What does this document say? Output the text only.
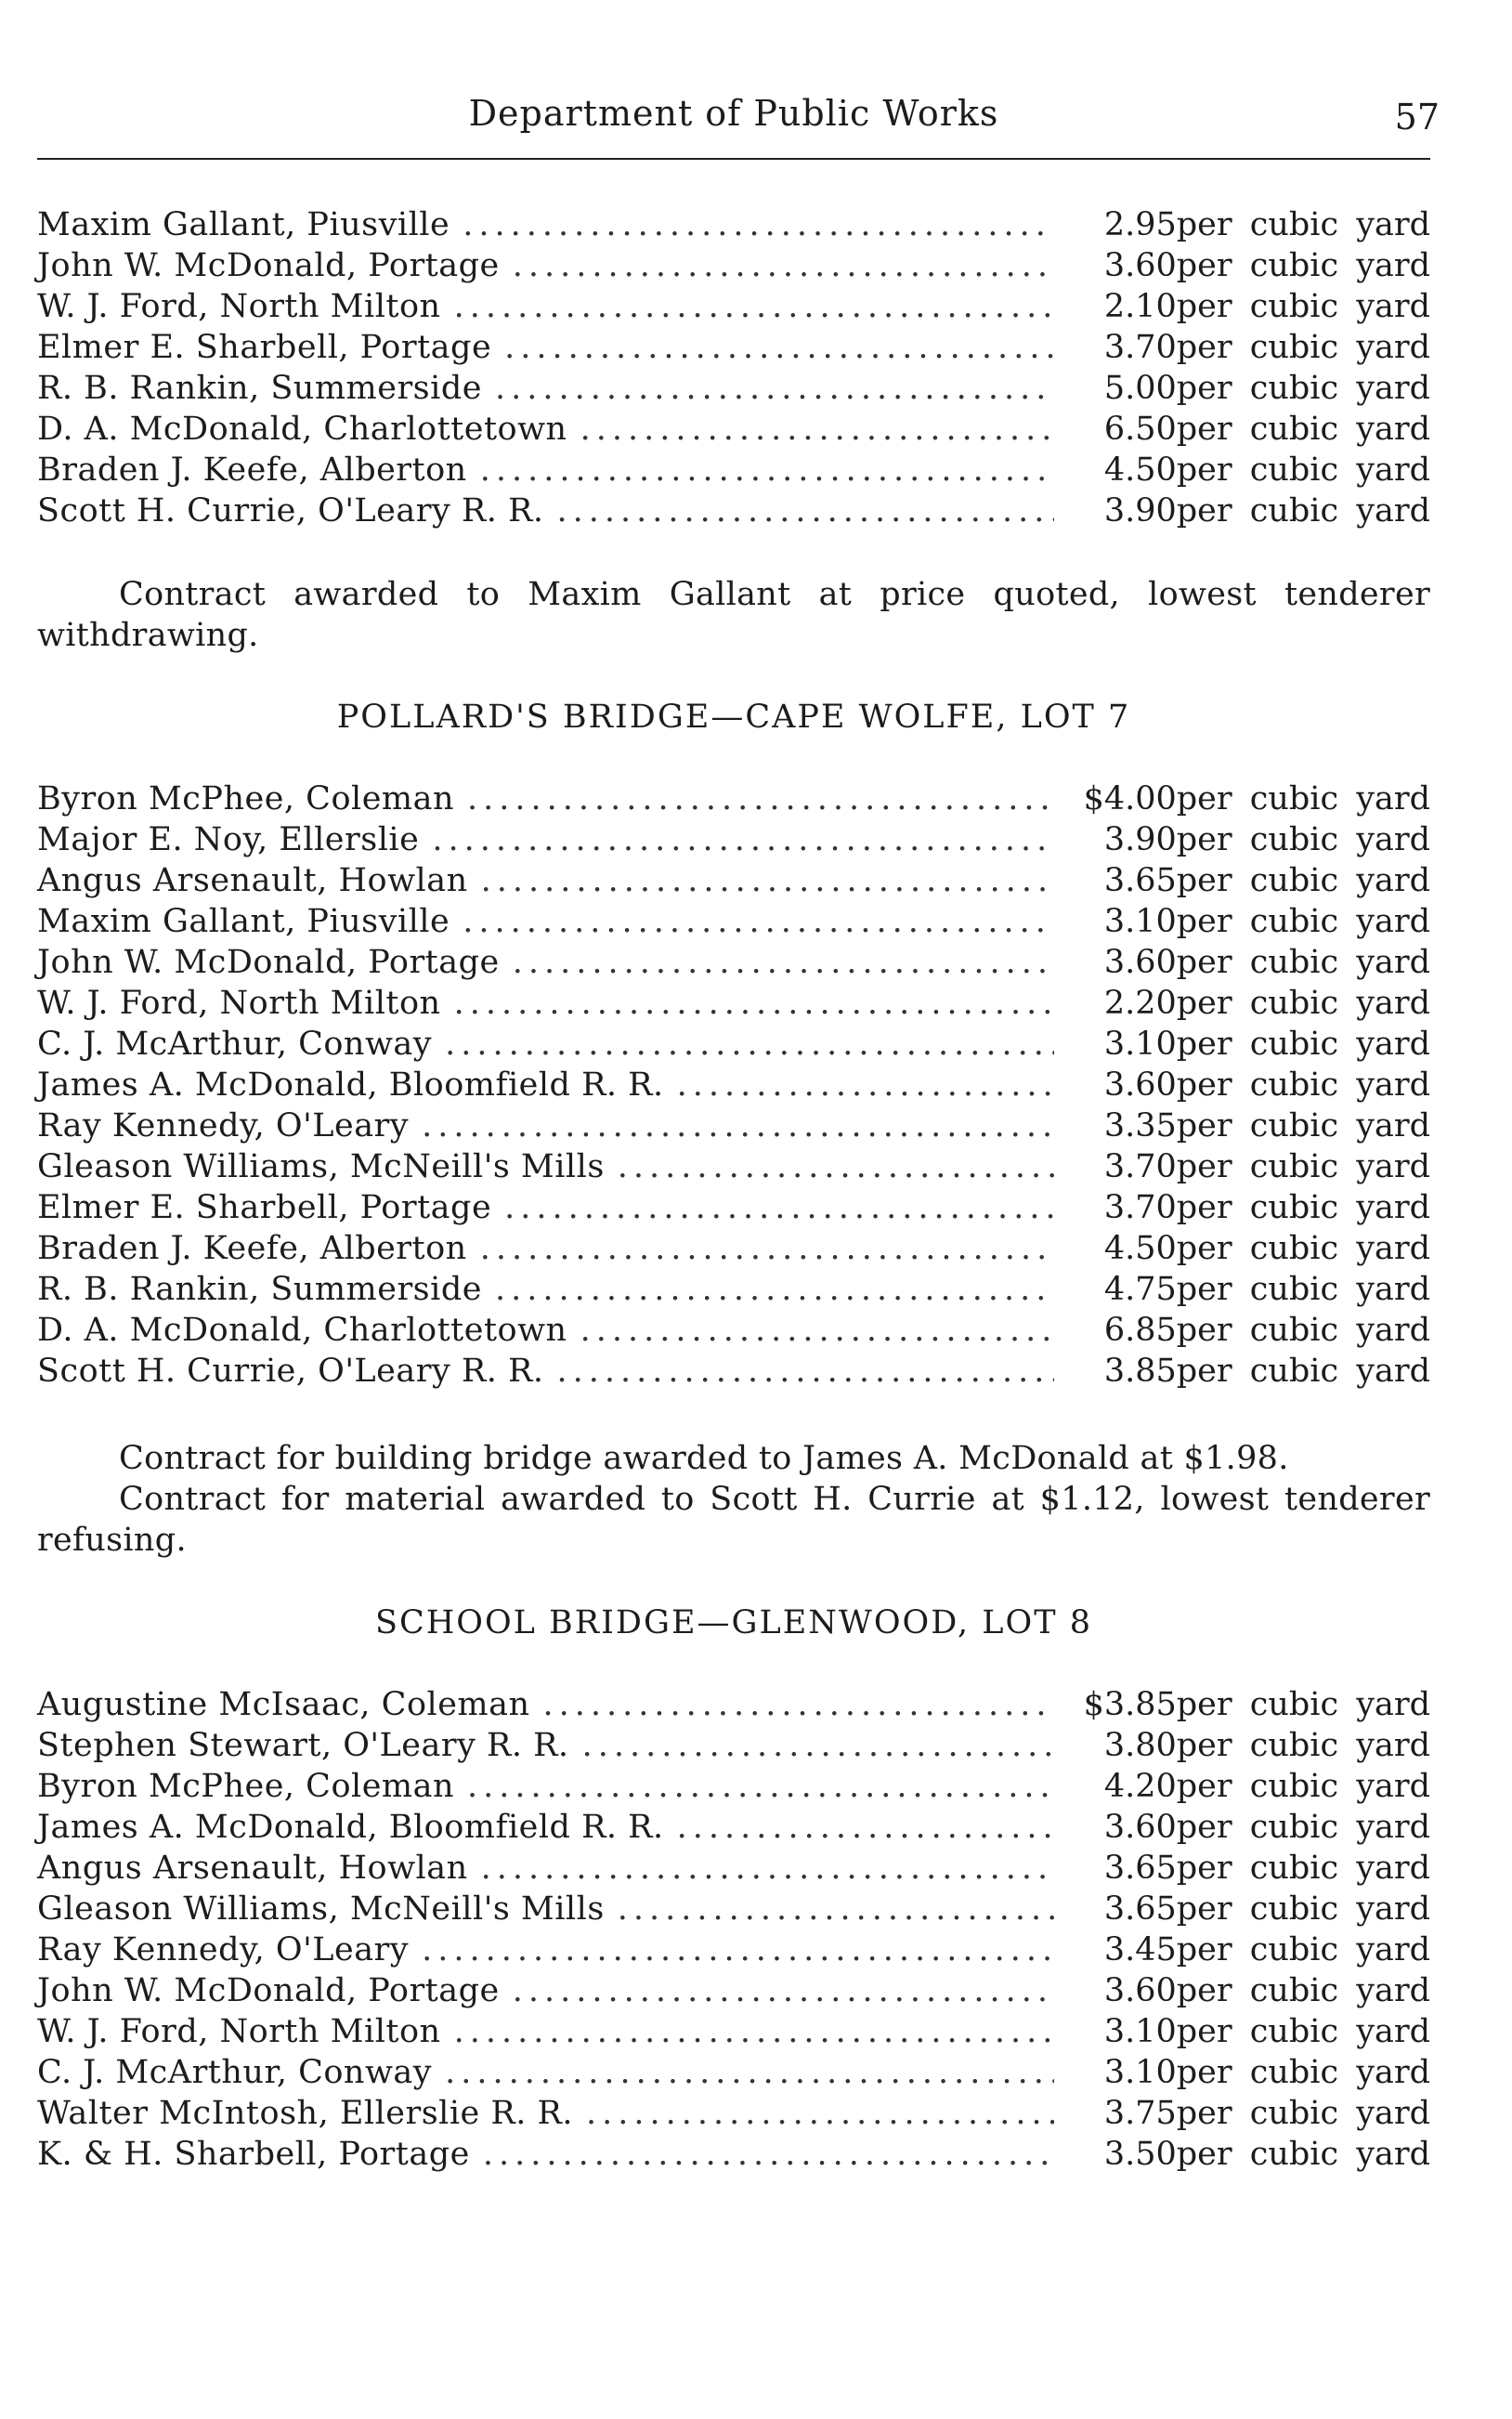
Department of Public Works	57
Maxim Gallant, Piusville .....	2.95 per cubic yard
John W. McDonald, Portage .....	3.60 per cubic yard
W. J. Ford, North Milton .....	2.10 per cubic yard
Elmer E. Sharbell, Portage .....	3.70 per cubic yard
R. B. Rankin, Summerside .....	5.00 per cubic yard
D. A. McDonald, Charlottetown .....	6.50 per cubic yard
Braden J. Keefe, Alberton .....	4.50 per cubic yard
Scott H. Currie, O'Leary R. R. .....	3.90 per cubic yard

Contract awarded to Maxim Gallant at price quoted, lowest tenderer withdrawing.

POLLARD'S BRIDGE—CAPE WOLFE, LOT 7
Byron McPhee, Coleman .....	$4.00 per cubic yard
Major E. Noy, Ellerslie .....	3.90 per cubic yard
Angus Arsenault, Howlan .....	3.65 per cubic yard
Maxim Gallant, Piusville .....	3.10 per cubic yard
John W. McDonald, Portage .....	3.60 per cubic yard
W. J. Ford, North Milton .....	2.20 per cubic yard
C. J. McArthur, Conway .....	3.10 per cubic yard
James A. McDonald, Bloomfield R. R. .....	3.60 per cubic yard
Ray Kennedy, O'Leary .....	3.35 per cubic yard
Gleason Williams, McNeill's Mills .....	3.70 per cubic yard
Elmer E. Sharbell, Portage .....	3.70 per cubic yard
Braden J. Keefe, Alberton .....	4.50 per cubic yard
R. B. Rankin, Summerside .....	4.75 per cubic yard
D. A. McDonald, Charlottetown .....	6.85 per cubic yard
Scott H. Currie, O'Leary R. R. .....	3.85 per cubic yard

Contract for building bridge awarded to James A. McDonald at $1.98.

Contract for material awarded to Scott H. Currie at $1.12, lowest tenderer refusing.

SCHOOL BRIDGE—GLENWOOD, LOT 8
Augustine McIsaac, Coleman .....	$3.85 per cubic yard
Stephen Stewart, O'Leary R. R. .....	3.80 per cubic yard
Byron McPhee, Coleman .....	4.20 per cubic yard
James A. McDonald, Bloomfield R. R. .....	3.60 per cubic yard
Angus Arsenault, Howlan .....	3.65 per cubic yard
Gleason Williams, McNeill's Mills .....	3.65 per cubic yard
Ray Kennedy, O'Leary .....	3.45 per cubic yard
John W. McDonald, Portage .....	3.60 per cubic yard
W. J. Ford, North Milton .....	3.10 per cubic yard
C. J. McArthur, Conway .....	3.10 per cubic yard
Walter McIntosh, Ellerslie R. R. .....	3.75 per cubic yard
K. & H. Sharbell, Portage .....	3.50 per cubic yard
